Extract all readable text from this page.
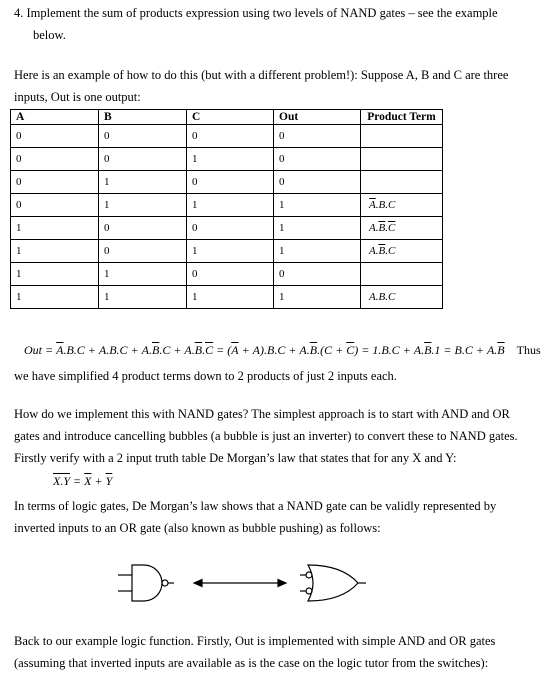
4. Implement the sum of products expression using two levels of NAND gates – see the example
below.
Here is an example of how to do this (but with a different problem!): Suppose A, B and C are three
inputs, Out is one output:
A	B	C	Out	Product Term
0	0	0	0	
0	0	1	0	
0	1	0	0	
0	1	1	1	$\overline{A}.B.C$
1	0	0	1	$A.\overline{B}.\overline{C}$
1	0	1	1	$A.\overline{B}.C$
1	1	0	0	
1	1	1	1	A.B.C
Out = $\overline{A}.B.C + A.B.C + A.\overline{B}.C + A.\overline{B}.\overline{C} = (\overline{A} + A).B.C + A.\overline{B}.(C + \overline{C}) = 1.B.C + A.\overline{B}.1 = B.C + A.\overline{B}$ Thus
we have simplified 4 product terms down to 2 products of just 2 inputs each.
How do we implement this with NAND gates? The simplest approach is to start with AND and OR
gates and introduce cancelling bubbles (a bubble is just an inverter) to convert these to NAND gates.
Firstly verify with a 2 input truth table De Morgan’s law that states that for any X and Y:
$X.Y = \overline{X} + \overline{Y}$
In terms of logic gates, De Morgan’s law shows that a NAND gate can be validly represented by
inverted inputs to an OR gate (also known as bubble pushing) as follows:
Back to our example logic function. Firstly, Out is implemented with simple AND and OR gates
(assuming that inverted inputs are available as is the case on the logic tutor from the switches):
